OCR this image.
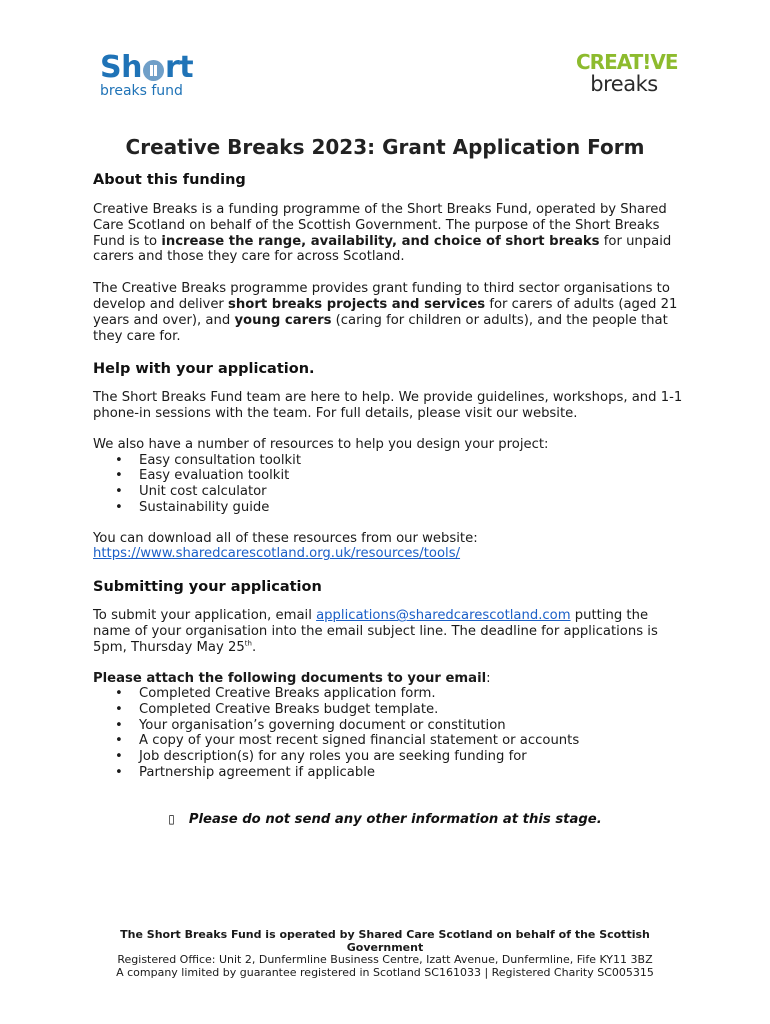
Sh rt
breaks fund
CREAT!VE
breaks
Creative Breaks 2023: Grant Application Form
About this funding

Creative Breaks is a funding programme of the Short Breaks Fund, operated by Shared Care Scotland on behalf of the Scottish Government. The purpose of the Short Breaks Fund is to increase the range, availability, and choice of short breaks for unpaid carers and those they care for across Scotland.

The Creative Breaks programme provides grant funding to third sector organisations to develop and deliver short breaks projects and services for carers of adults (aged 21 years and over), and young carers (caring for children or adults), and the people that they care for.

Help with your application.

The Short Breaks Fund team are here to help. We provide guidelines, workshops, and 1-1 phone-in sessions with the team. For full details, please visit our website.

We also have a number of resources to help you design your project:

• Easy consultation toolkit
• Easy evaluation toolkit
• Unit cost calculator
• Sustainability guide

You can download all of these resources from our website:

https://www.sharedcarescotland.org.uk/resources/tools/

Submitting your application

To submit your application, email applications@sharedcarescotland.com putting the name of your organisation into the email subject line. The deadline for applications is 5pm, Thursday May 25th.

Please attach the following documents to your email:

• Completed Creative Breaks application form.
• Completed Creative Breaks budget template.
• Your organisation’s governing document or constitution
• A copy of your most recent signed financial statement or accounts
• Job description(s) for any roles you are seeking funding for
• Partnership agreement if applicable
▯ Please do not send any other information at this stage.
The Short Breaks Fund is operated by Shared Care Scotland on behalf of the Scottish Government
Registered Office: Unit 2, Dunfermline Business Centre, Izatt Avenue, Dunfermline, Fife KY11 3BZ
A company limited by guarantee registered in Scotland SC161033 | Registered Charity SC005315
